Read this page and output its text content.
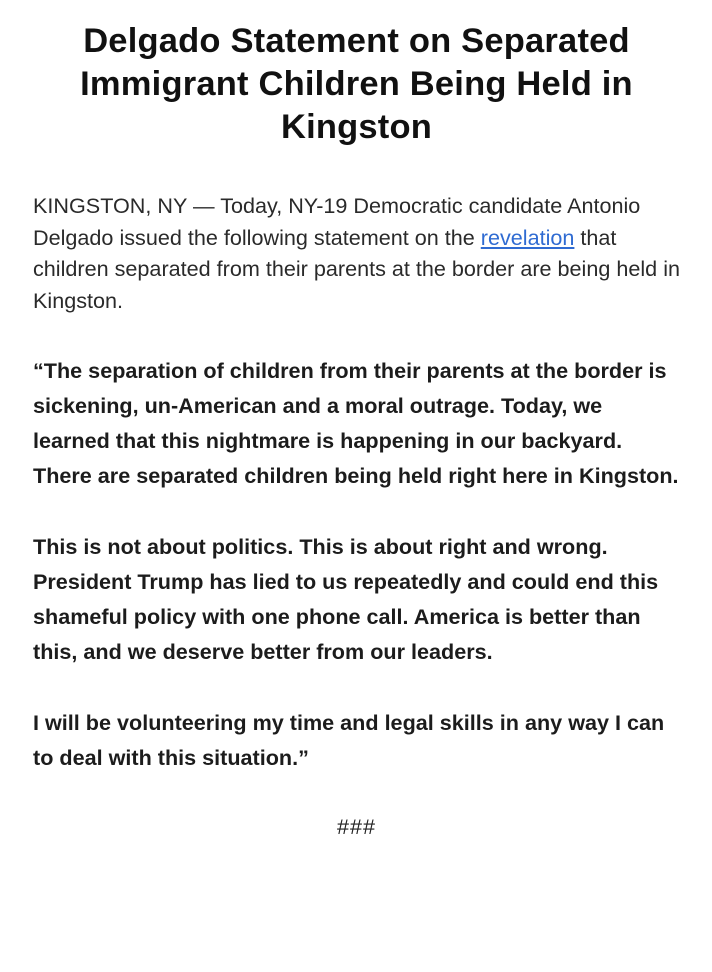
Delgado Statement on Separated Immigrant Children Being Held in Kingston

KINGSTON, NY — Today, NY-19 Democratic candidate Antonio Delgado issued the following statement on the revelation that children separated from their parents at the border are being held in Kingston.

“The separation of children from their parents at the border is sickening, un-American and a moral outrage. Today, we learned that this nightmare is happening in our backyard. There are separated children being held right here in Kingston.

This is not about politics. This is about right and wrong. President Trump has lied to us repeatedly and could end this shameful policy with one phone call. America is better than this, and we deserve better from our leaders.

I will be volunteering my time and legal skills in any way I can to deal with this situation.”

###
